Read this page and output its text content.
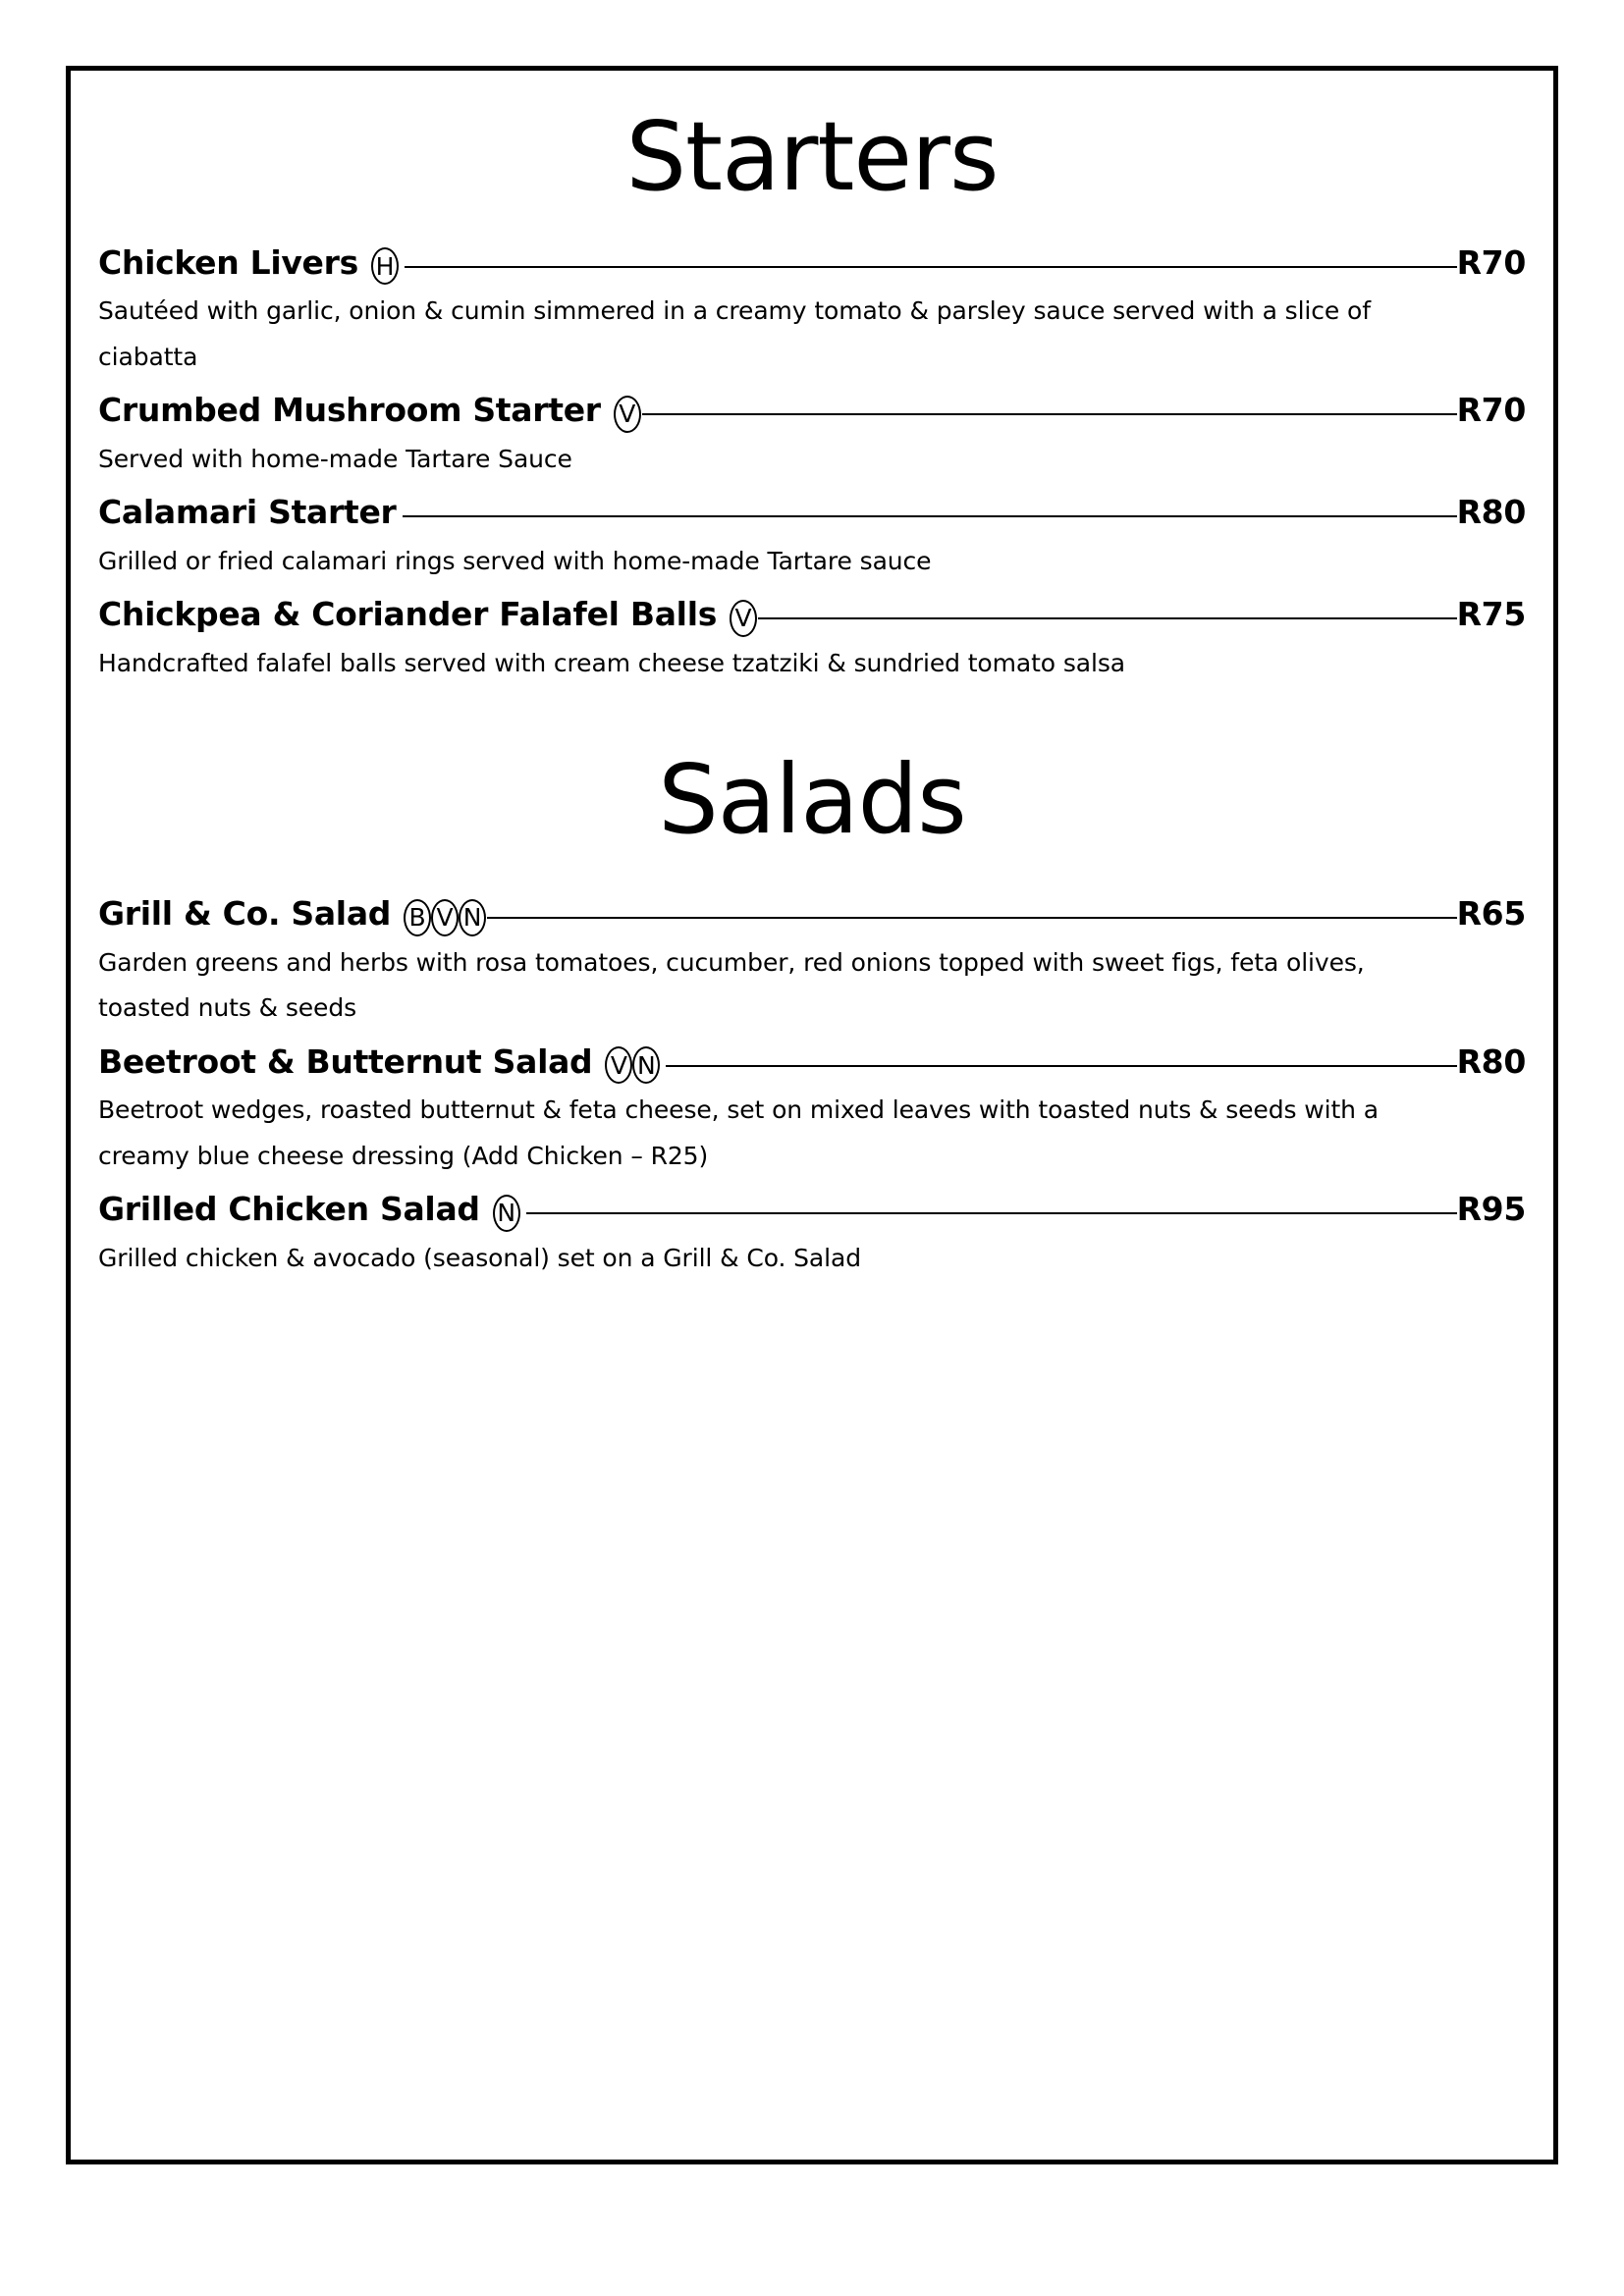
Starters
Chicken Livers H	R70
Sautéed with garlic, onion & cumin simmered in a creamy tomato & parsley sauce served with a slice of ciabatta
Crumbed Mushroom Starter V	R70
Served with home-made Tartare Sauce
Calamari Starter	R80
Grilled or fried calamari rings served with home-made Tartare sauce
Chickpea & Coriander Falafel Balls V	R75
Handcrafted falafel balls served with cream cheese tzatziki & sundried tomato salsa
Salads
Grill & Co. Salad B V N	R65
Garden greens and herbs with rosa tomatoes, cucumber, red onions topped with sweet figs, feta olives, toasted nuts & seeds
Beetroot & Butternut Salad V N	R80
Beetroot wedges, roasted butternut & feta cheese, set on mixed leaves with toasted nuts & seeds with a creamy blue cheese dressing (Add Chicken – R25)
Grilled Chicken Salad N	R95
Grilled chicken & avocado (seasonal) set on a Grill & Co. Salad
